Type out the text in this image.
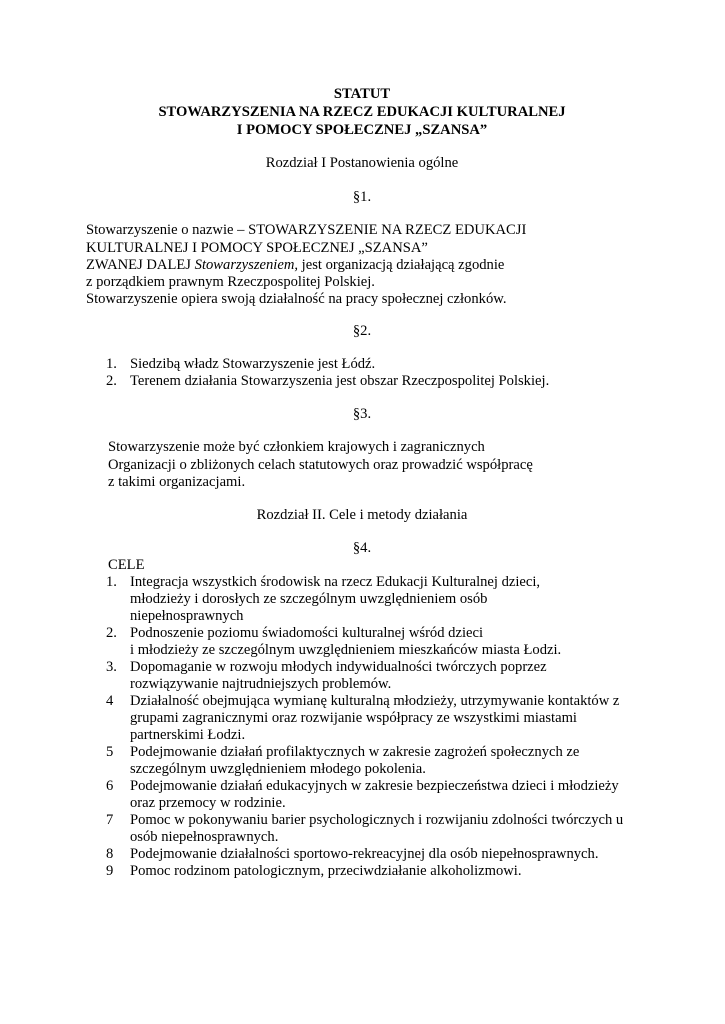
STATUT
STOWARZYSZENIA NA RZECZ EDUKACJI KULTURALNEJ
I POMOCY SPOŁECZNEJ „SZANSA”
Rozdział I Postanowienia ogólne
§1.
Stowarzyszenie o nazwie – STOWARZYSZENIE NA RZECZ EDUKACJI
KULTURALNEJ I POMOCY SPOŁECZNEJ „SZANSA”
ZWANEJ DALEJ Stowarzyszeniem, jest organizacją działającą zgodnie
z porządkiem prawnym Rzeczpospolitej Polskiej.
Stowarzyszenie opiera swoją działalność na pracy społecznej członków.
§2.
1. Siedzibą władz Stowarzyszenie jest Łódź.
2. Terenem działania Stowarzyszenia jest obszar Rzeczpospolitej Polskiej.
§3.
Stowarzyszenie może być członkiem krajowych i zagranicznych
Organizacji o zbliżonych celach statutowych oraz prowadzić współpracę
z takimi organizacjami.
Rozdział II. Cele i metody działania
§4.
CELE
1. Integracja wszystkich środowisk na rzecz Edukacji Kulturalnej dzieci,
młodzieży i dorosłych ze szczególnym uwzględnieniem osób
niepełnosprawnych
2. Podnoszenie poziomu świadomości kulturalnej wśród dzieci
i młodzieży ze szczególnym uwzględnieniem mieszkańców miasta Łodzi.
3. Dopomaganie w rozwoju młodych indywidualności twórczych poprzez
rozwiązywanie najtrudniejszych problemów.
4 Działalność obejmująca wymianę kulturalną młodzieży, utrzymywanie kontaktów z
grupami zagranicznymi oraz rozwijanie współpracy ze wszystkimi miastami
partnerskimi Łodzi.
5 Podejmowanie działań profilaktycznych w zakresie zagrożeń społecznych ze
szczególnym uwzględnieniem młodego pokolenia.
6 Podejmowanie działań edukacyjnych w zakresie bezpieczeństwa dzieci i młodzieży
oraz przemocy w rodzinie.
7 Pomoc w pokonywaniu barier psychologicznych i rozwijaniu zdolności twórczych u
osób niepełnosprawnych.
8 Podejmowanie działalności sportowo-rekreacyjnej dla osób niepełnosprawnych.
9 Pomoc rodzinom patologicznym, przeciwdziałanie alkoholizmowi.
